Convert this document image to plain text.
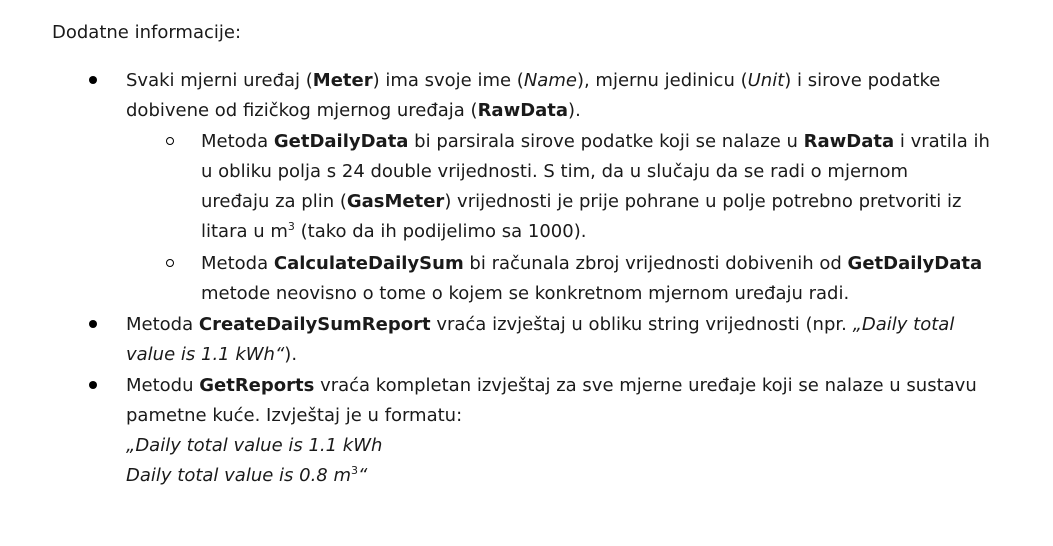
Dodatne informacije:
Svaki mjerni uređaj (Meter) ima svoje ime (Name), mjernu jedinicu (Unit) i sirove podatke
dobivene od fizičkog mjernog uređaja (RawData).
Metoda GetDailyData bi parsirala sirove podatke koji se nalaze u RawData i vratila ih
u obliku polja s 24 double vrijednosti. S tim, da u slučaju da se radi o mjernom
uređaju za plin (GasMeter) vrijednosti je prije pohrane u polje potrebno pretvoriti iz
litara u $m^3$ (tako da ih podijelimo sa 1000).
Metoda CalculateDailySum bi računala zbroj vrijednosti dobivenih od GetDailyData
metode neovisno o tome o kojem se konkretnom mjernom uređaju radi.
Metoda CreateDailySumReport vraća izvještaj u obliku string vrijednosti (npr. „Daily total
value is 1.1 kWh“).
Metodu GetReports vraća kompletan izvještaj za sve mjerne uređaje koji se nalaze u sustavu
pametne kuće. Izvještaj je u formatu:
„Daily total value is 1.1 kWh
Daily total value is 0.8 $m^3“$
